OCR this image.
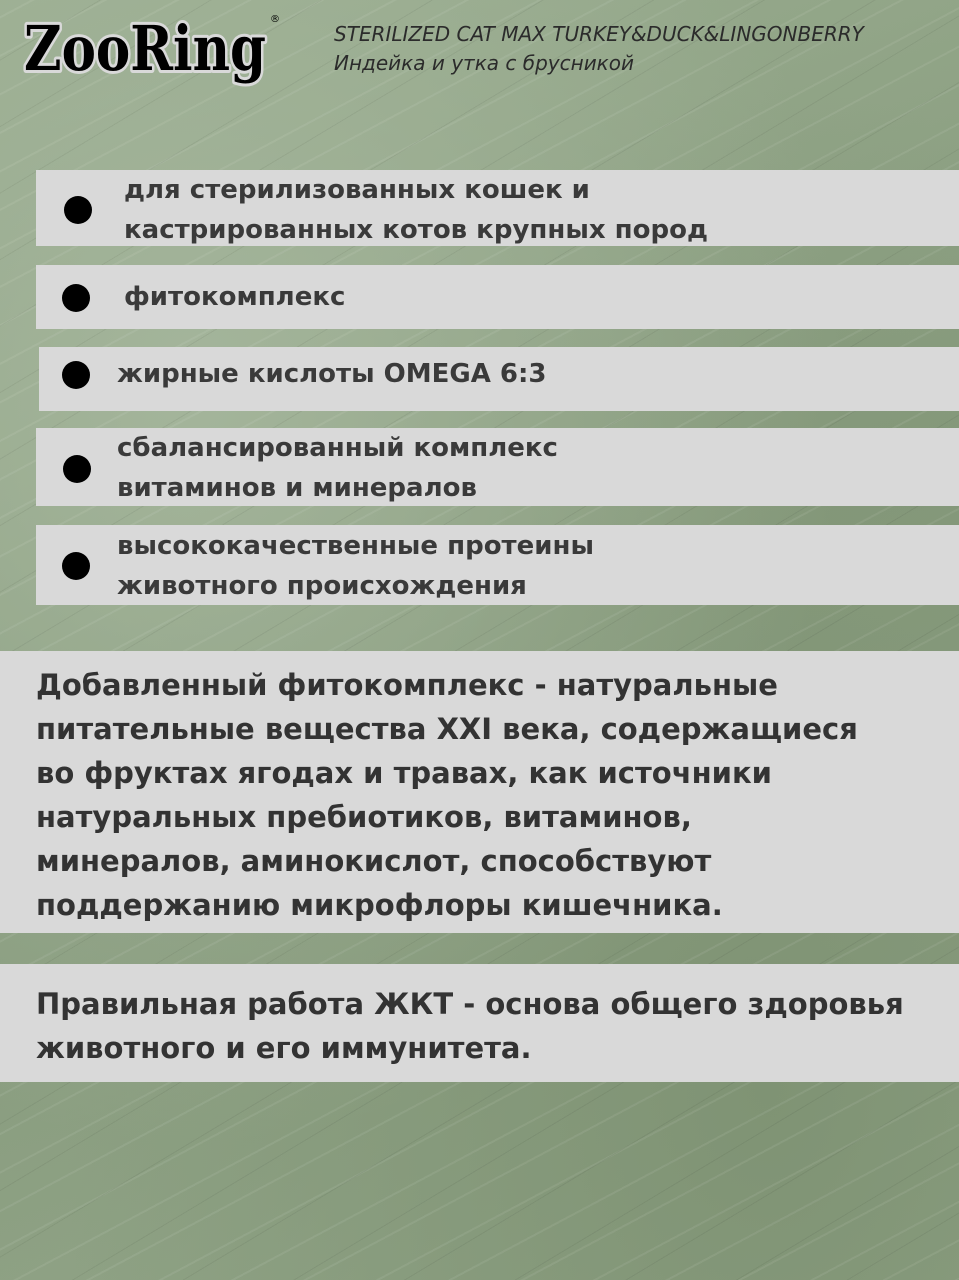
ZooRing ®
STERILIZED CAT MAX TURKEY&DUCK&LINGONBERRY
Индейка и утка с брусникой
для стерилизованных кошек и
кастрированных котов крупных пород
фитокомплекс
жирные кислоты OMEGA 6:3
сбалансированный комплекс
витаминов и минералов
высококачественные протеины
животного происхождения
Добавленный фитокомплекс - натуральные
питательные вещества XXI века, содержащиеся
во фруктах ягодах и травах, как источники
натуральных пребиотиков, витаминов,
минералов, аминокислот, способствуют
поддержанию микрофлоры кишечника.
Правильная работа ЖКТ - основа общего здоровья
животного и его иммунитета.
